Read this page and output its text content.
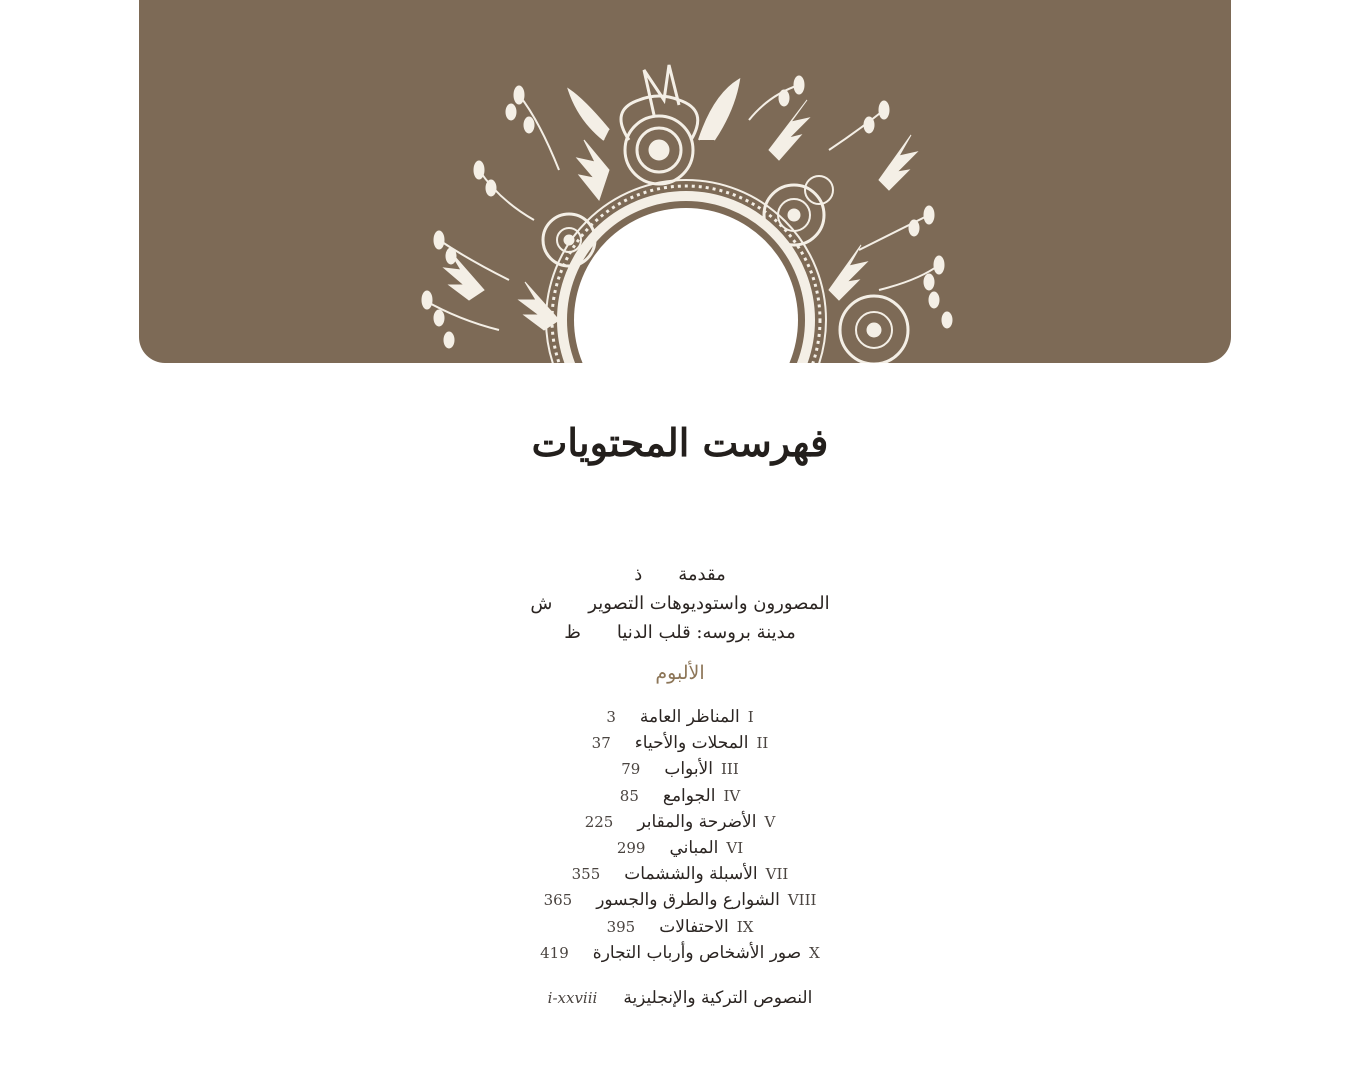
فهرست المحتويات
مقدمةذ
المصورون واستوديوهات التصويرش
مدينة بروسه: قلب الدنياظ
الألبوم
Iالمناظر العامة3
IIالمحلات والأحياء37
IIIالأبواب79
IVالجوامع85
Vالأضرحة والمقابر225
VIالمباني299
VIIالأسبلة والششمات355
VIIIالشوارع والطرق والجسور365
IXالاحتفالات395
Xصور الأشخاص وأرباب التجارة419
النصوص التركية والإنجليزيةi-xxviii
